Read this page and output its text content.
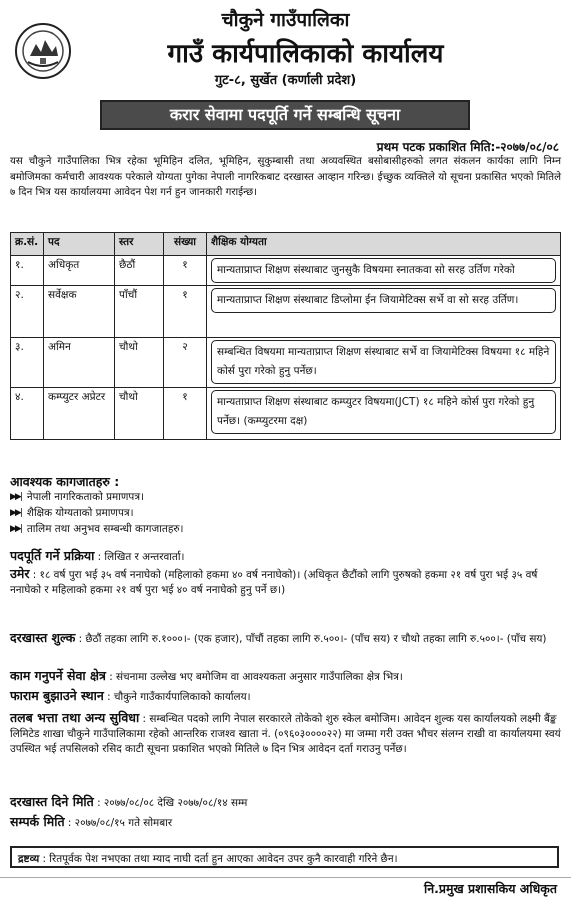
चौकुने गाउँपालिका
गाउँ कार्यपालिकाको कार्यालय
गुट-८, सुर्खेत (कर्णाली प्रदेश)
करार सेवामा पदपूर्ति गर्ने सम्बन्धि सूचना
प्रथम पटक प्रकाशित मिति:-२०७७/०८/०८
यस चौकुने गाउँपालिका भित्र रहेका भूमिहिन दलित, भूमिहिन, सुकुम्बासी तथा अव्यवस्थित बसोबासीहरुको लगत संकलन कार्यका लागि निम्न बमोजिमका कर्मचारी आवश्यक परेकाले योग्यता पुगेका नेपाली नागरिकबाट दरखास्त आव्हान गरिन्छ। ईच्छुक व्यक्तिले यो सूचना प्रकासित भएको मितिले ७ दिन भित्र यस कार्यालयमा आवेदन पेश गर्न हुन जानकारी गराईन्छ।
क्र.सं.	पद	स्तर	संख्या	शैक्षिक योग्यता
१.	अधिकृत	छैठौं	१	मान्यताप्राप्त शिक्षण संस्थाबाट जुनसुकै विषयमा स्नातकवा सो सरह उर्तिण गरेको

२.	सर्वेक्षक	पाँचौं	१	मान्यताप्राप्त शिक्षण संस्थाबाट डिप्लोमा ईन जियामेटिक्स सर्भे वा सो सरह उर्तिण।

३.	अमिन	चौथो	२	सम्बन्धित विषयमा मान्यताप्राप्त शिक्षण संस्थाबाट सर्भे वा जियामेटिक्स विषयमा १८ महिने कोर्स पुरा गरेको हुनु पर्नेछ।

४.	कम्प्युटर अप्रेटर	चौथो	१	मान्यताप्राप्त शिक्षण संस्थाबाट कम्प्युटर विषयमा(JCT) १८ महिने कोर्स पुरा गरेको हुनु पर्नेछ। (कम्प्युटरमा दक्ष)
आवश्यक कागजातहरु :
▶▶| नेपाली नागरिकताको प्रमाणपत्र।
▶▶| शैक्षिक योग्यताको प्रमाणपत्र।
▶▶| तालिम तथा अनुभव सम्बन्धी कागजातहरु।
पदपूर्ति गर्ने प्रक्रिया : लिखित र अन्तरवार्ता।
उमेर : १८ वर्ष पुरा भई ३५ वर्ष ननाघेको (महिलाको हकमा ४० वर्ष ननाघेको)। (अधिकृत छैटौंको लागि पुरुषको हकमा २१ वर्ष पुरा भई ३५ वर्ष ननाघेको र महिलाको हकमा २१ वर्ष पुरा भई ४० वर्ष ननाघेको हुनु पर्ने छ।)
दरखास्त शुल्क : छैठौं तहका लागि रु.१०००।- (एक हजार), पाँचौं तहका लागि रु.५००।- (पाँच सय) र चौथो तहका लागि रु.५००।- (पाँच सय)
काम गनुपर्ने सेवा क्षेत्र : संचनामा उल्लेख भए बमोजिम वा आवश्यकता अनुसार गाउँपालिका क्षेत्र भित्र।
फाराम बुझाउने स्थान : चौकुने गाउँकार्यपालिकाको कार्यालय।
तलब भत्ता तथा अन्य सुविधा : सम्बन्धित पदको लागि नेपाल सरकारले तोकेको शुरु स्केल बमोजिम। आवेदन शुल्क यस कार्यालयको लक्ष्मी बैंङ्क लिमिटेड शाखा चौकुने गाउँपालिकामा रहेको आन्तरिक राजश्व खाता नं. (०९६०३००००२२) मा जम्मा गरी उक्त भौचर संलग्न राखी वा कार्यालयमा स्वयं उपस्थित भई तपसिलको रसिद काटी सूचना प्रकाशित भएको मितिले ७ दिन भित्र आवेदन दर्ता गराउनु पर्नेछ।
दरखास्त दिने मिति : २०७७/०८/०८ देखि २०७७/०८/१४ सम्म
सम्पर्क मिति : २०७७/०८/१५ गते सोमबार
द्रष्टव्य : रितपूर्वक पेश नभएका तथा म्याद नाघी दर्ता हुन आएका आवेदन उपर कुनै कारवाही गरिने छैन।
नि.प्रमुख प्रशासकिय अधिकृत
